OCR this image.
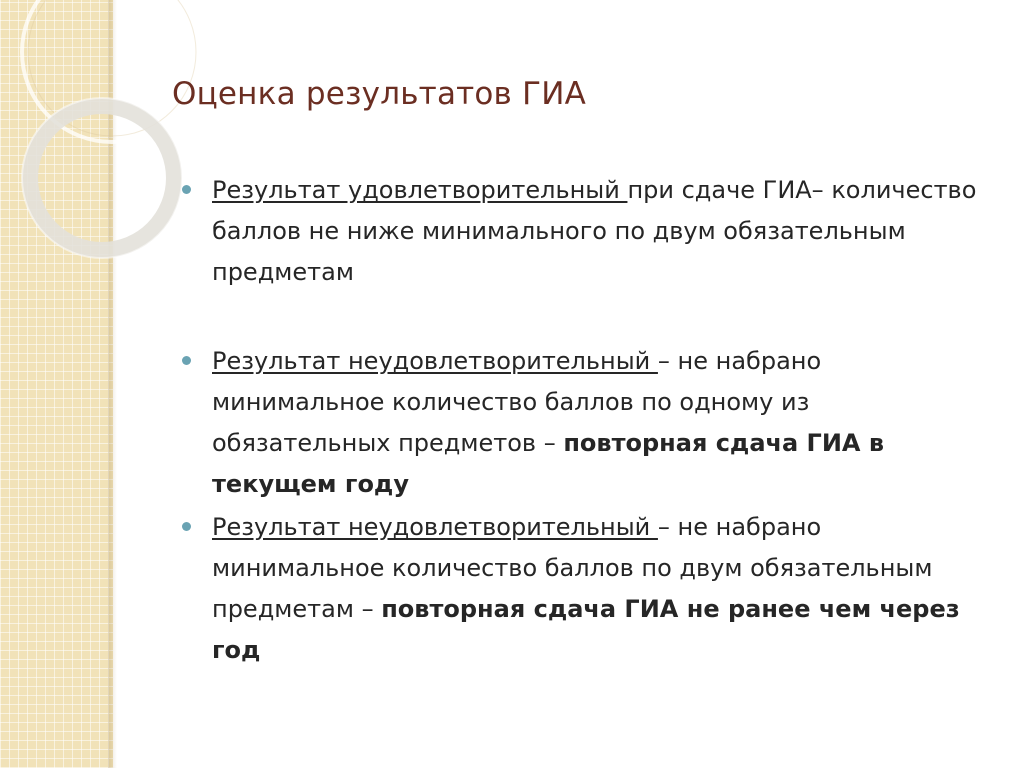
Оценка результатов ГИА
Результат удовлетворительный при сдаче ГИА– количество баллов не ниже минимального по двум обязательным предметам
Результат неудовлетворительный – не набрано минимальное количество баллов по одному из обязательных предметов – повторная сдача ГИА в текущем году
Результат неудовлетворительный – не набрано минимальное количество баллов по двум обязательным предметам – повторная сдача ГИА не ранее чем через год
